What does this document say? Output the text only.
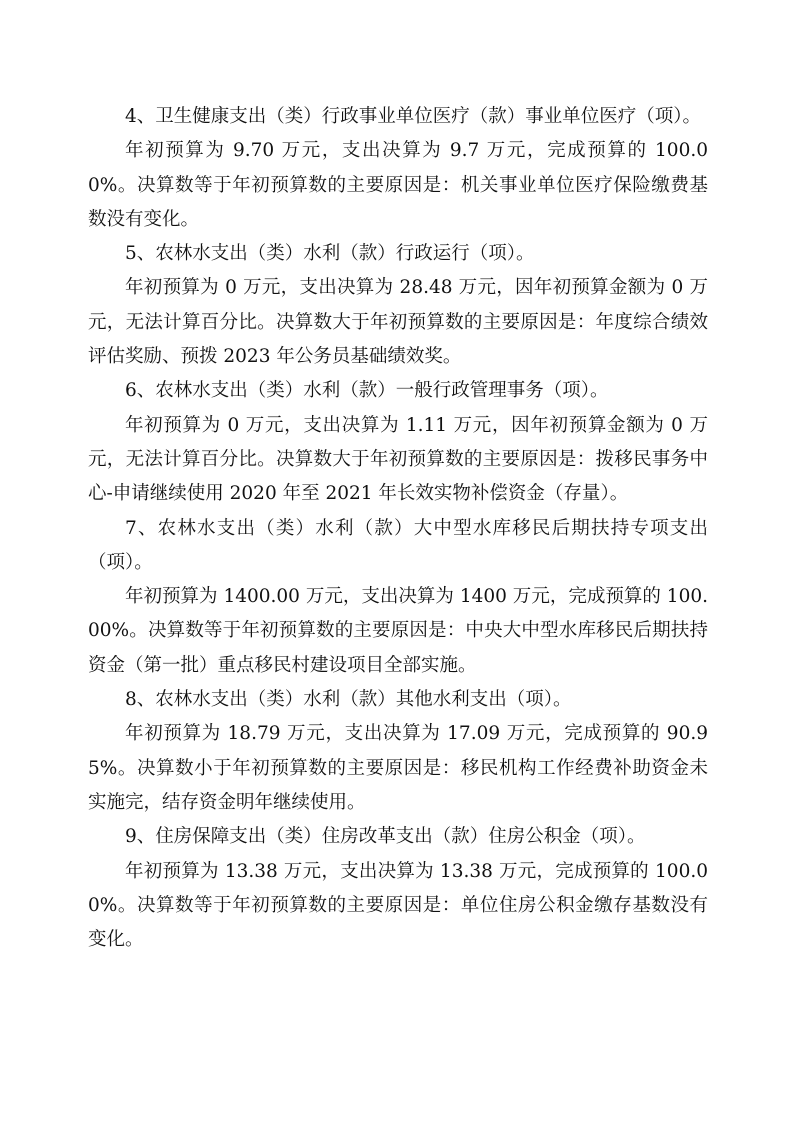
4、卫生健康支出（类）行政事业单位医疗（款）事业单位医疗（项）。

年初预算为 9.70 万元，支出决算为 9.7 万元，完成预算的 100.00%。决算数等于年初预算数的主要原因是：机关事业单位医疗保险缴费基数没有变化。

5、农林水支出（类）水利（款）行政运行（项）。

年初预算为 0 万元，支出决算为 28.48 万元，因年初预算金额为 0 万元，无法计算百分比。决算数大于年初预算数的主要原因是：年度综合绩效评估奖励、预拨 2023 年公务员基础绩效奖。

6、农林水支出（类）水利（款）一般行政管理事务（项）。

年初预算为 0 万元，支出决算为 1.11 万元，因年初预算金额为 0 万元，无法计算百分比。决算数大于年初预算数的主要原因是：拨移民事务中心-申请继续使用 2020 年至 2021 年长效实物补偿资金（存量）。

7、农林水支出（类）水利（款）大中型水库移民后期扶持专项支出（项）。

年初预算为 1400.00 万元，支出决算为 1400 万元，完成预算的 100.00%。决算数等于年初预算数的主要原因是：中央大中型水库移民后期扶持资金（第一批）重点移民村建设项目全部实施。

8、农林水支出（类）水利（款）其他水利支出（项）。

年初预算为 18.79 万元，支出决算为 17.09 万元，完成预算的 90.95%。决算数小于年初预算数的主要原因是：移民机构工作经费补助资金未实施完，结存资金明年继续使用。

9、住房保障支出（类）住房改革支出（款）住房公积金（项）。

年初预算为 13.38 万元，支出决算为 13.38 万元，完成预算的 100.00%。决算数等于年初预算数的主要原因是：单位住房公积金缴存基数没有变化。
